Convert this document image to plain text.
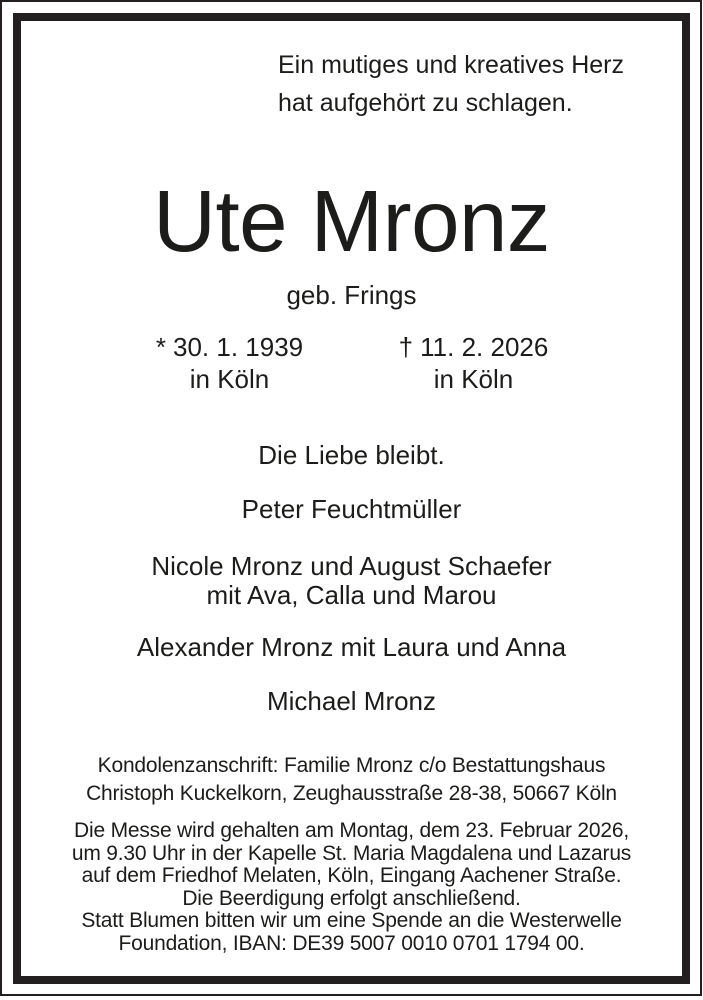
Ein mutiges und kreatives Herz
hat aufgehört zu schlagen.
Ute Mronz
geb. Frings
* 30. 1. 1939
in Köln
† 11. 2. 2026
in Köln
Die Liebe bleibt.
Peter Feuchtmüller
Nicole Mronz und August Schaefer
mit Ava, Calla und Marou
Alexander Mronz mit Laura und Anna
Michael Mronz
Kondolenzanschrift: Familie Mronz c/o Bestattungshaus
Christoph Kuckelkorn, Zeughausstraße 28-38, 50667 Köln
Die Messe wird gehalten am Montag, dem 23. Februar 2026,
um 9.30 Uhr in der Kapelle St. Maria Magdalena und Lazarus
auf dem Friedhof Melaten, Köln, Eingang Aachener Straße.
Die Beerdigung erfolgt anschließend.
Statt Blumen bitten wir um eine Spende an die Westerwelle
Foundation, IBAN: DE39 5007 0010 0701 1794 00.
